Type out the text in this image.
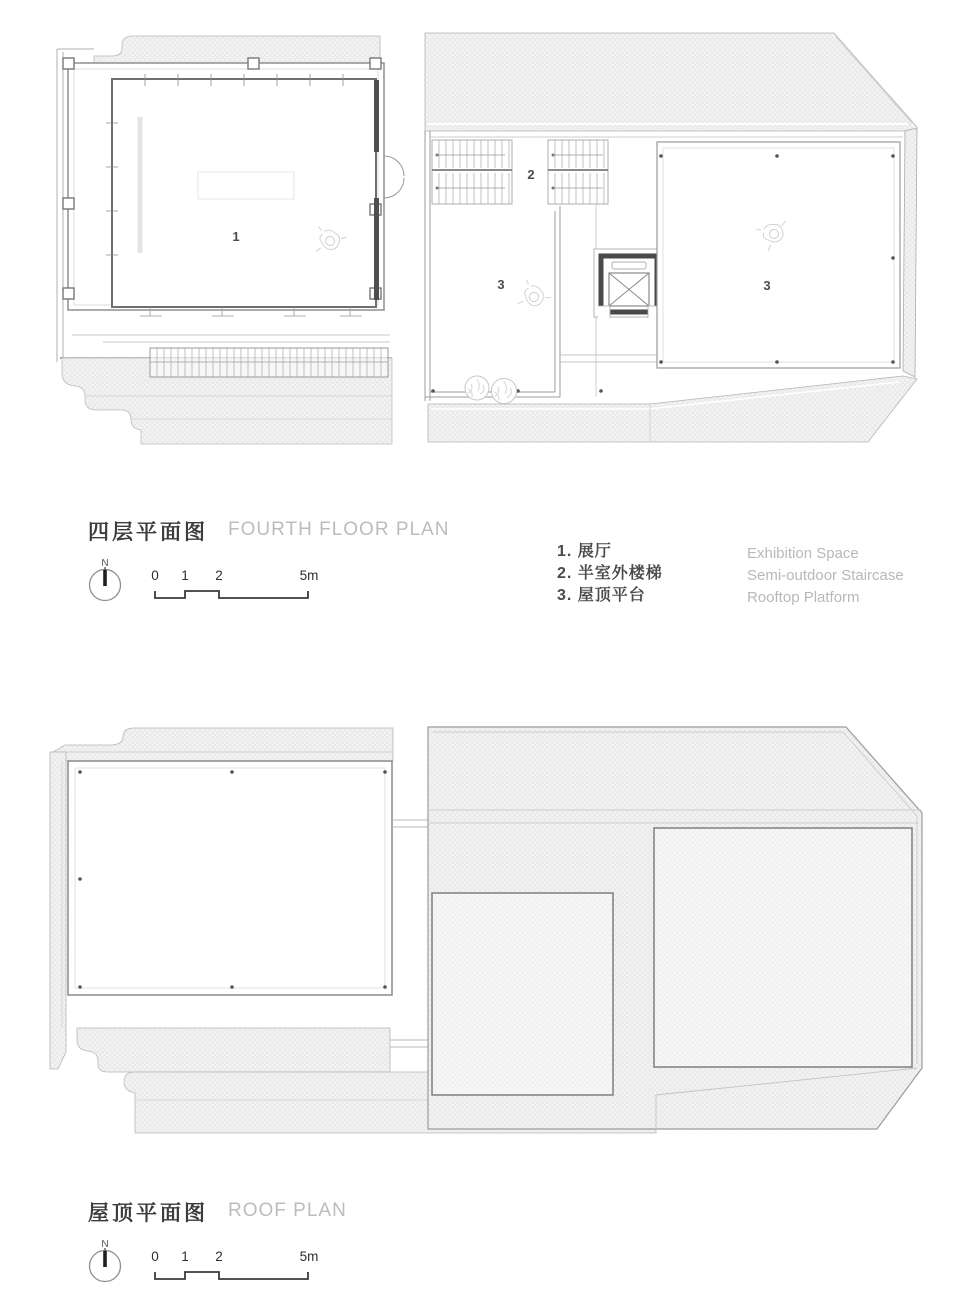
1
2
3	3
四层平面图 FOURTH FLOOR PLAN
N
0 1 2	5m
1. 展厅
2. 半室外楼梯
3. 屋顶平台
Exhibition Space
Semi-outdoor Staircase
Rooftop Platform
屋顶平面图 ROOF PLAN
N
0 1 2	5m
